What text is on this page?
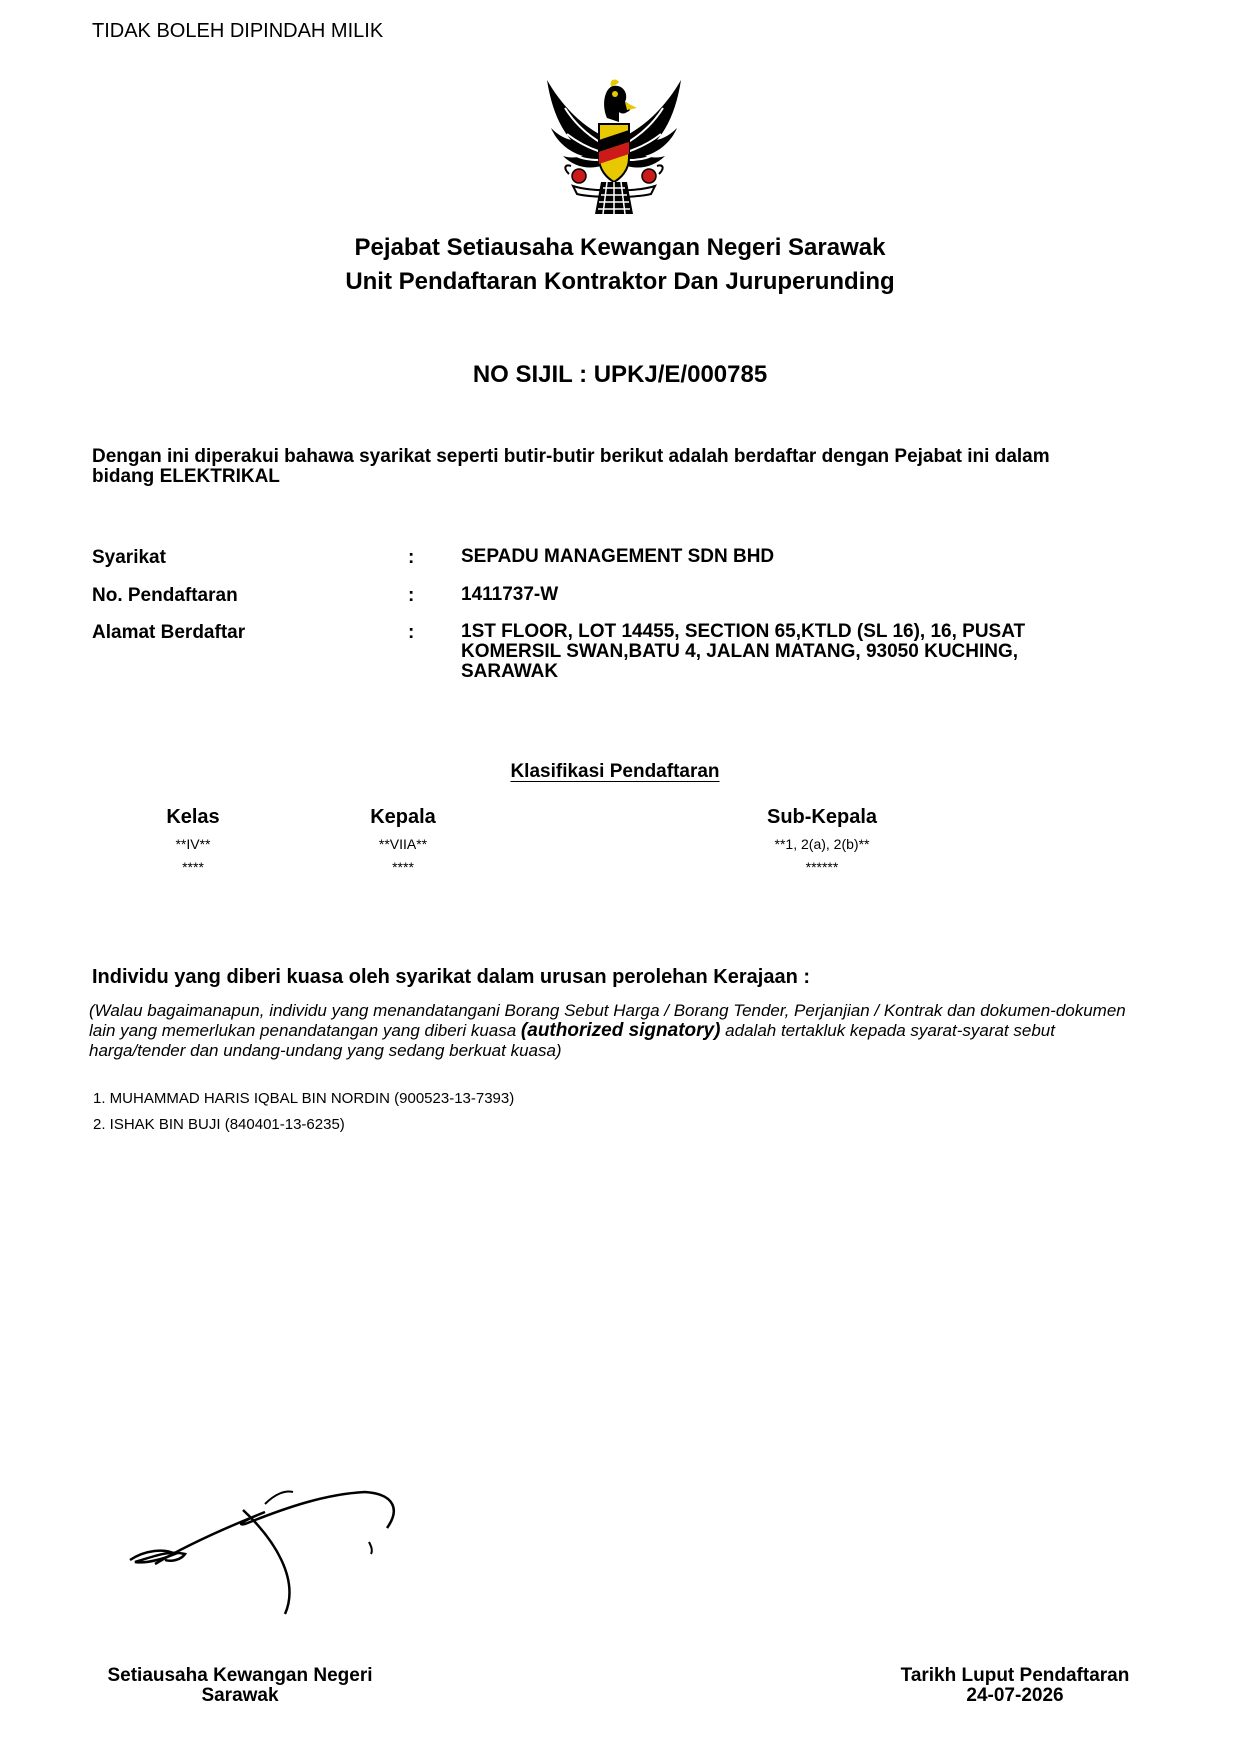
TIDAK BOLEH DIPINDAH MILIK
Pejabat Setiausaha Kewangan Negeri Sarawak
Unit Pendaftaran Kontraktor Dan Juruperunding
NO SIJIL : UPKJ/E/000785
Dengan ini diperakui bahawa syarikat seperti butir-butir berikut adalah berdaftar dengan Pejabat ini dalam bidang ELEKTRIKAL
Syarikat	: SEPADU MANAGEMENT SDN BHD
No. Pendaftaran	: 1411737-W
Alamat Berdaftar	: 1ST FLOOR, LOT 14455, SECTION 65,KTLD (SL 16), 16, PUSAT KOMERSIL SWAN,BATU 4, JALAN MATANG, 93050 KUCHING, SARAWAK
Klasifikasi Pendaftaran
Kelas	Kepala	Sub-Kepala
**IV**	**VIIA**	**1, 2(a), 2(b)**
****	****	******
Individu yang diberi kuasa oleh syarikat dalam urusan perolehan Kerajaan :
(Walau bagaimanapun, individu yang menandatangani Borang Sebut Harga / Borang Tender, Perjanjian / Kontrak dan dokumen-dokumen lain yang memerlukan penandatangan yang diberi kuasa (authorized signatory) adalah tertakluk kepada syarat-syarat sebut harga/tender dan undang-undang yang sedang berkuat kuasa)
1. MUHAMMAD HARIS IQBAL BIN NORDIN (900523-13-7393)
2. ISHAK BIN BUJI (840401-13-6235)
Setiausaha Kewangan Negeri
Sarawak
Tarikh Luput Pendaftaran
24-07-2026
